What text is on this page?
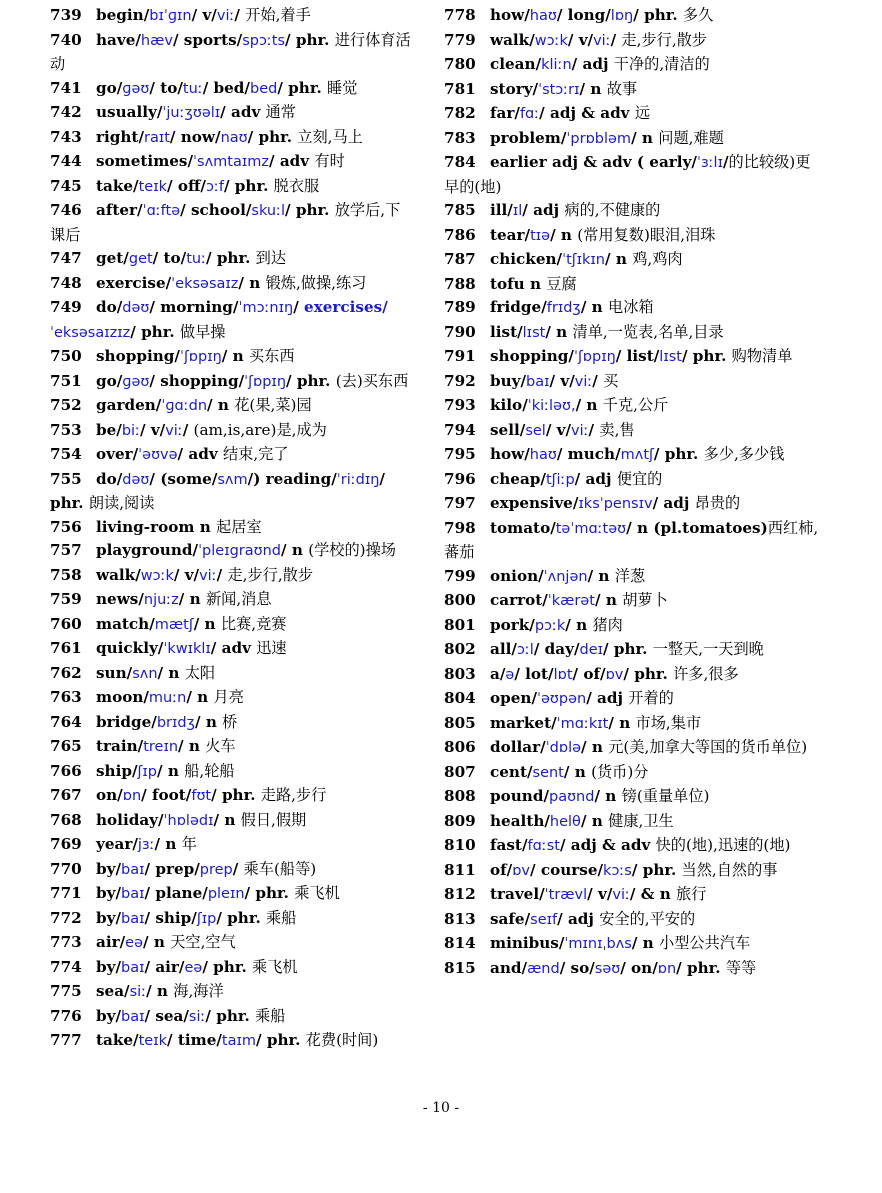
739 begin/bɪˈɡɪn/ v/viː/ 开始,着手
740 have/hæv/ sports/spɔːts/ phr. 进行体育活动
741 go/ɡəʊ/ to/tuː/ bed/bed/ phr. 睡觉
742 usually/ˈjuːʒʊəlɪ/ adv 通常
743 right/raɪt/ now/naʊ/ phr. 立刻,马上
744 sometimes/ˈsʌmtaɪmz/ adv 有时
745 take/teɪk/ off/ɔːf/ phr. 脱衣服
746 after/ˈɑːftə/ school/skuːl/ phr. 放学后,下课后
747 get/get/ to/tuː/ phr. 到达
748 exercise/ˈeksəsaɪz/ n 锻炼,做操,练习
749 do/dəʊ/ morning/ˈmɔːnɪŋ/ exercises/ˈeksəsaɪzɪz/ phr. 做早操
750 shopping/ˈʃɒpɪŋ/ n 买东西
751 go/ɡəʊ/ shopping/ˈʃɒpɪŋ/ phr. (去)买东西
752 garden/ˈɡɑːdn/ n 花(果,菜)园
753 be/biː/ v/viː/ (am,is,are)是,成为
754 over/ˈəʊvə/ adv 结束,完了
755 do/dəʊ/ (some/sʌm/) reading/ˈriːdɪŋ/ phr. 朗读,阅读
756 living-room n 起居室
757 playground/ˈpleɪgraʊnd/ n (学校的)操场
758 walk/wɔːk/ v/viː/ 走,步行,散步
759 news/njuːz/ n 新闻,消息
760 match/mætʃ/ n 比赛,竞赛
761 quickly/ˈkwɪklɪ/ adv 迅速
762 sun/sʌn/ n 太阳
763 moon/muːn/ n 月亮
764 bridge/brɪdʒ/ n 桥
765 train/treɪn/ n 火车
766 ship/ʃɪp/ n 船,轮船
767 on/ɒn/ foot/fʊt/ phr. 走路,步行
768 holiday/ˈhɒlədɪ/ n 假日,假期
769 year/jɜː/ n 年
770 by/baɪ/ prep/prep/ 乘车(船等)
771 by/baɪ/ plane/pleɪn/ phr. 乘飞机
772 by/baɪ/ ship/ʃɪp/ phr. 乘船
773 air/eə/ n 天空,空气
774 by/baɪ/ air/eə/ phr. 乘飞机
775 sea/siː/ n 海,海洋
776 by/baɪ/ sea/siː/ phr. 乘船
777 take/teɪk/ time/taɪm/ phr. 花费(时间)
778 how/haʊ/ long/lɒŋ/ phr. 多久
779 walk/wɔːk/ v/viː/ 走,步行,散步
780 clean/kliːn/ adj 干净的,清洁的
781 story/ˈstɔːrɪ/ n 故事
782 far/fɑː/ adj & adv 远
783 problem/ˈprɒbləm/ n 问题,难题
784 earlier adj & adv ( early/ˈɜːlɪ/的比较级)更早的(地)
785 ill/ɪl/ adj 病的,不健康的
786 tear/tɪə/ n (常用复数)眼泪,泪珠
787 chicken/ˈtʃɪkɪn/ n 鸡,鸡肉
788 tofu n 豆腐
789 fridge/frɪdʒ/ n 电冰箱
790 list/lɪst/ n 清单,一览表,名单,目录
791 shopping/ˈʃɒpɪŋ/ list/lɪst/ phr. 购物清单
792 buy/baɪ/ v/viː/ 买
793 kilo/ˈkiːləʊ,/ n 千克,公斤
794 sell/sel/ v/viː/ 卖,售
795 how/haʊ/ much/mʌtʃ/ phr. 多少,多少钱
796 cheap/tʃiːp/ adj 便宜的
797 expensive/ɪksˈpensɪv/ adj 昂贵的
798 tomato/təˈmɑːtəʊ/ n (pl.tomatoes)西红柿,蕃茄
799 onion/ˈʌnjən/ n 洋葱
800 carrot/ˈkærət/ n 胡萝卜
801 pork/pɔːk/ n 猪肉
802 all/ɔːl/ day/deɪ/ phr. 一整天,一天到晚
803 a/ə/ lot/lɒt/ of/ɒv/ phr. 许多,很多
804 open/ˈəʊpən/ adj 开着的
805 market/ˈmɑːkɪt/ n 市场,集市
806 dollar/ˈdɒlə/ n 元(美,加拿大等国的货币单位)
807 cent/sent/ n (货币)分
808 pound/paʊnd/ n 镑(重量单位)
809 health/helθ/ n 健康,卫生
810 fast/fɑːst/ adj & adv 快的(地),迅速的(地)
811 of/ɒv/ course/kɔːs/ phr. 当然,自然的事
812 travel/ˈtrævl/ v/viː/ & n 旅行
813 safe/seɪf/ adj 安全的,平安的
814 minibus/ˈmɪnɪˌbʌs/ n 小型公共汽车
815 and/ænd/ so/səʊ/ on/ɒn/ phr. 等等
- 10 -
